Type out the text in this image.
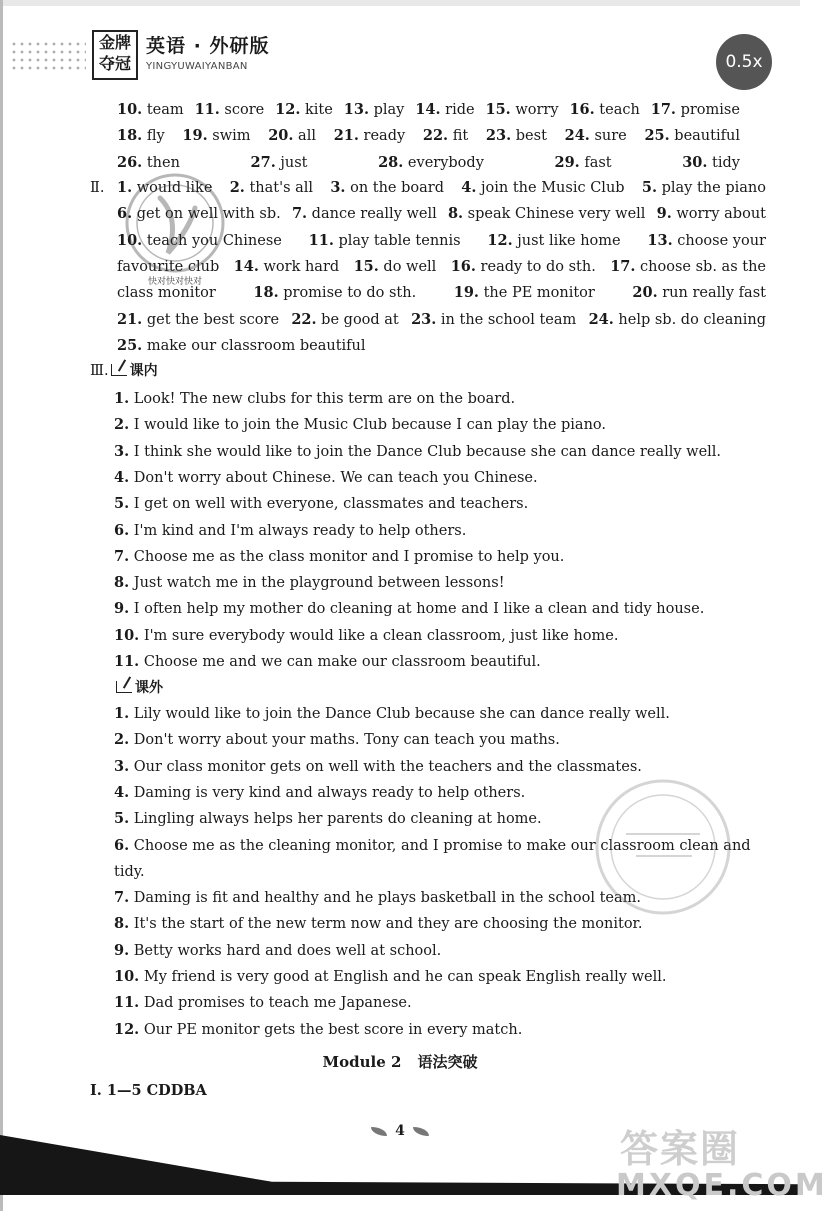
金牌
夺冠
英语 · 外研版
YINGYUWAIYANBAN	0.5x
10. team 11. score 12. kite 13. play 14. ride 15. worry 16. teach 17. promise
18. fly 19. swim 20. all 21. ready 22. fit 23. best 24. sure 25. beautiful
26. then	27. just	28. everybody	29. fast	30. tidy
Ⅱ. 1. would like 2. that's all 3. on the board 4. join the Music Club 5. play the piano
6. get on well with sb. 7. dance really well 8. speak Chinese very well 9. worry about
10. teach you Chinese 11. play table tennis 12. just like home 13. choose your
favourite club 14. work hard 15. do well 16. ready to do sth. 17. choose sb. as the
class monitor	18. promise to do sth.	19. the PE monitor	20. run really fast
21. get the best score 22. be good at 23. in the school team 24. help sb. do cleaning
25. make our classroom beautiful
Ⅲ. 课内
1. Look! The new clubs for this term are on the board.
2. I would like to join the Music Club because I can play the piano.
3. I think she would like to join the Dance Club because she can dance really well.
4. Don't worry about Chinese. We can teach you Chinese.
5. I get on well with everyone, classmates and teachers.
6. I'm kind and I'm always ready to help others.
7. Choose me as the class monitor and I promise to help you.
8. Just watch me in the playground between lessons!
9. I often help my mother do cleaning at home and I like a clean and tidy house.
10. I'm sure everybody would like a clean classroom, just like home.
11. Choose me and we can make our classroom beautiful.
课外
1. Lily would like to join the Dance Club because she can dance really well.
2. Don't worry about your maths. Tony can teach you maths.
3. Our class monitor gets on well with the teachers and the classmates.
4. Daming is very kind and always ready to help others.
5. Lingling always helps her parents do cleaning at home.
6. Choose me as the cleaning monitor, and I promise to make our classroom clean and
tidy.
7. Daming is fit and healthy and he plays basketball in the school team.
8. It's the start of the new term now and they are choosing the monitor.
9. Betty works hard and does well at school.
10. My friend is very good at English and he can speak English really well.
11. Dad promises to teach me Japanese.
12. Our PE monitor gets the best score in every match.
Module 2 语法突破
Ⅰ. 1—5 CDDBA
快对快对快对
4	答案圈
MXQE.COM
